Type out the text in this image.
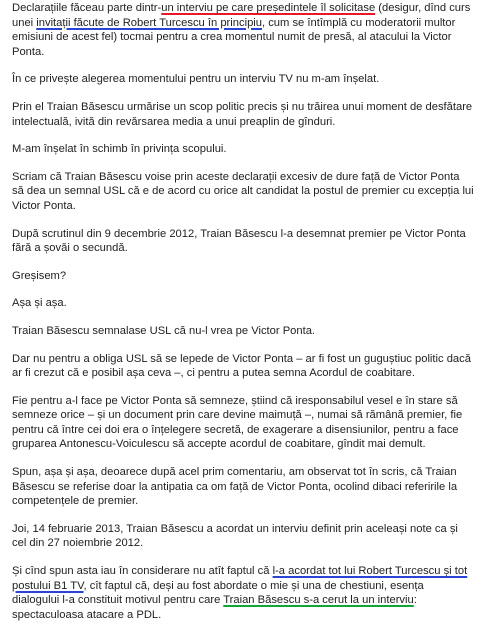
Declarațiile făceau parte dintr-un interviu pe care președintele îl solicitase (desigur, dînd curs unei invitații făcute de Robert Turcescu în principiu, cum se întîmplă cu moderatorii multor emisiuni de acest fel) tocmai pentru a crea momentul numit de presă, al atacului la Victor Ponta.

În ce privește alegerea momentului pentru un interviu TV nu m-am înșelat.

Prin el Traian Băsescu urmărise un scop politic precis și nu trăirea unui moment de desfătare intelectuală, ivită din revărsarea media a unui preaplin de gînduri.

M-am înșelat în schimb în privința scopului.

Scriam că Traian Băsescu voise prin aceste declarații excesiv de dure față de Victor Ponta să dea un semnal USL că e de acord cu orice alt candidat la postul de premier cu excepția lui Victor Ponta.

După scrutinul din 9 decembrie 2012, Traian Băsescu l-a desemnat premier pe Victor Ponta fără a șovăi o secundă.

Greșisem?

Așa și așa.

Traian Băsescu semnalase USL că nu-l vrea pe Victor Ponta.

Dar nu pentru a obliga USL să se lepede de Victor Ponta – ar fi fost un guguștiuc politic dacă ar fi crezut că e posibil așa ceva –, ci pentru a putea semna Acordul de coabitare.

Fie pentru a-l face pe Victor Ponta să semneze, știind că iresponsabilul vesel e în stare să semneze orice – și un document prin care devine maimuță –, numai să rămână premier, fie pentru că între cei doi era o înțelegere secretă, de exagerare a disensiunilor, pentru a face gruparea Antonescu-Voiculescu să accepte acordul de coabitare, gîndit mai demult.

Spun, așa și așa, deoarece după acel prim comentariu, am observat tot în scris, că Traian Băsescu se referise doar la antipatia ca om față de Victor Ponta, ocolind dibaci referirile la competențele de premier.

Joi, 14 februarie 2013, Traian Băsescu a acordat un interviu definit prin aceleași note ca și cel din 27 noiembrie 2012.

Și cînd spun asta iau în considerare nu atît faptul că l-a acordat tot lui Robert Turcescu și tot postului B1 TV, cît faptul că, deși au fost abordate o mie și una de chestiuni, esența dialogului l-a constituit motivul pentru care Traian Băsescu s-a cerut la un interviu: spectaculoasa atacare a PDL.
